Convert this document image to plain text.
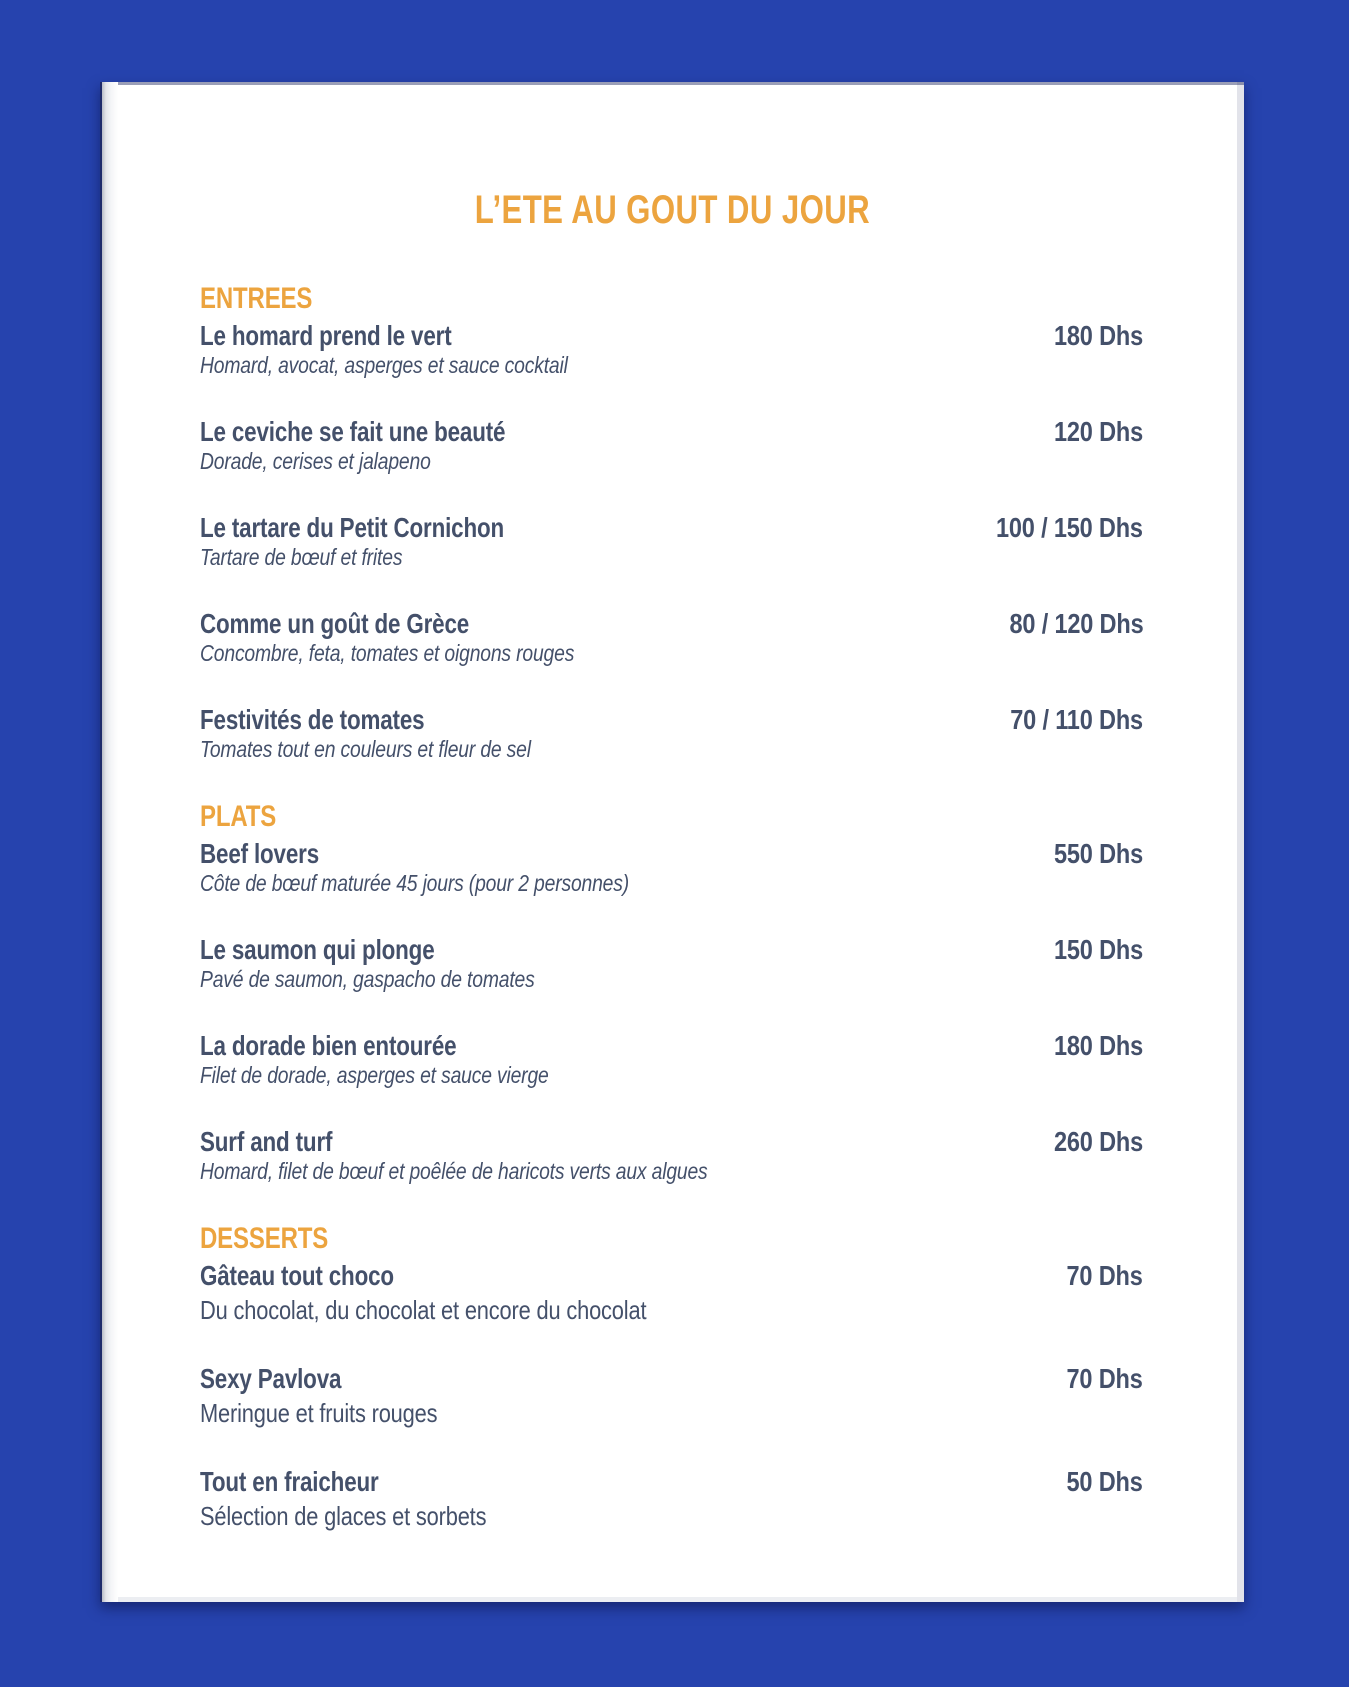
L’ETE AU GOUT DU JOUR
ENTREES
Le homard prend le vert
Homard, avocat, asperges et sauce cocktail
180 Dhs
Le ceviche se fait une beauté
Dorade, cerises et jalapeno
120 Dhs
Le tartare du Petit Cornichon
Tartare de bœuf et frites
100 / 150 Dhs
Comme un goût de Grèce
Concombre, feta, tomates et oignons rouges
80 / 120 Dhs
Festivités de tomates
Tomates tout en couleurs et fleur de sel
70 / 110 Dhs
PLATS
Beef lovers
Côte de bœuf maturée 45 jours (pour 2 personnes)
550 Dhs
Le saumon qui plonge
Pavé de saumon, gaspacho de tomates
150 Dhs
La dorade bien entourée
Filet de dorade, asperges et sauce vierge
180 Dhs
Surf and turf
Homard, filet de bœuf et poêlée de haricots verts aux algues
260 Dhs
DESSERTS
Gâteau tout choco
Du chocolat, du chocolat et encore du chocolat
70 Dhs
Sexy Pavlova
Meringue et fruits rouges
70 Dhs
Tout en fraicheur
Sélection de glaces et sorbets
50 Dhs
